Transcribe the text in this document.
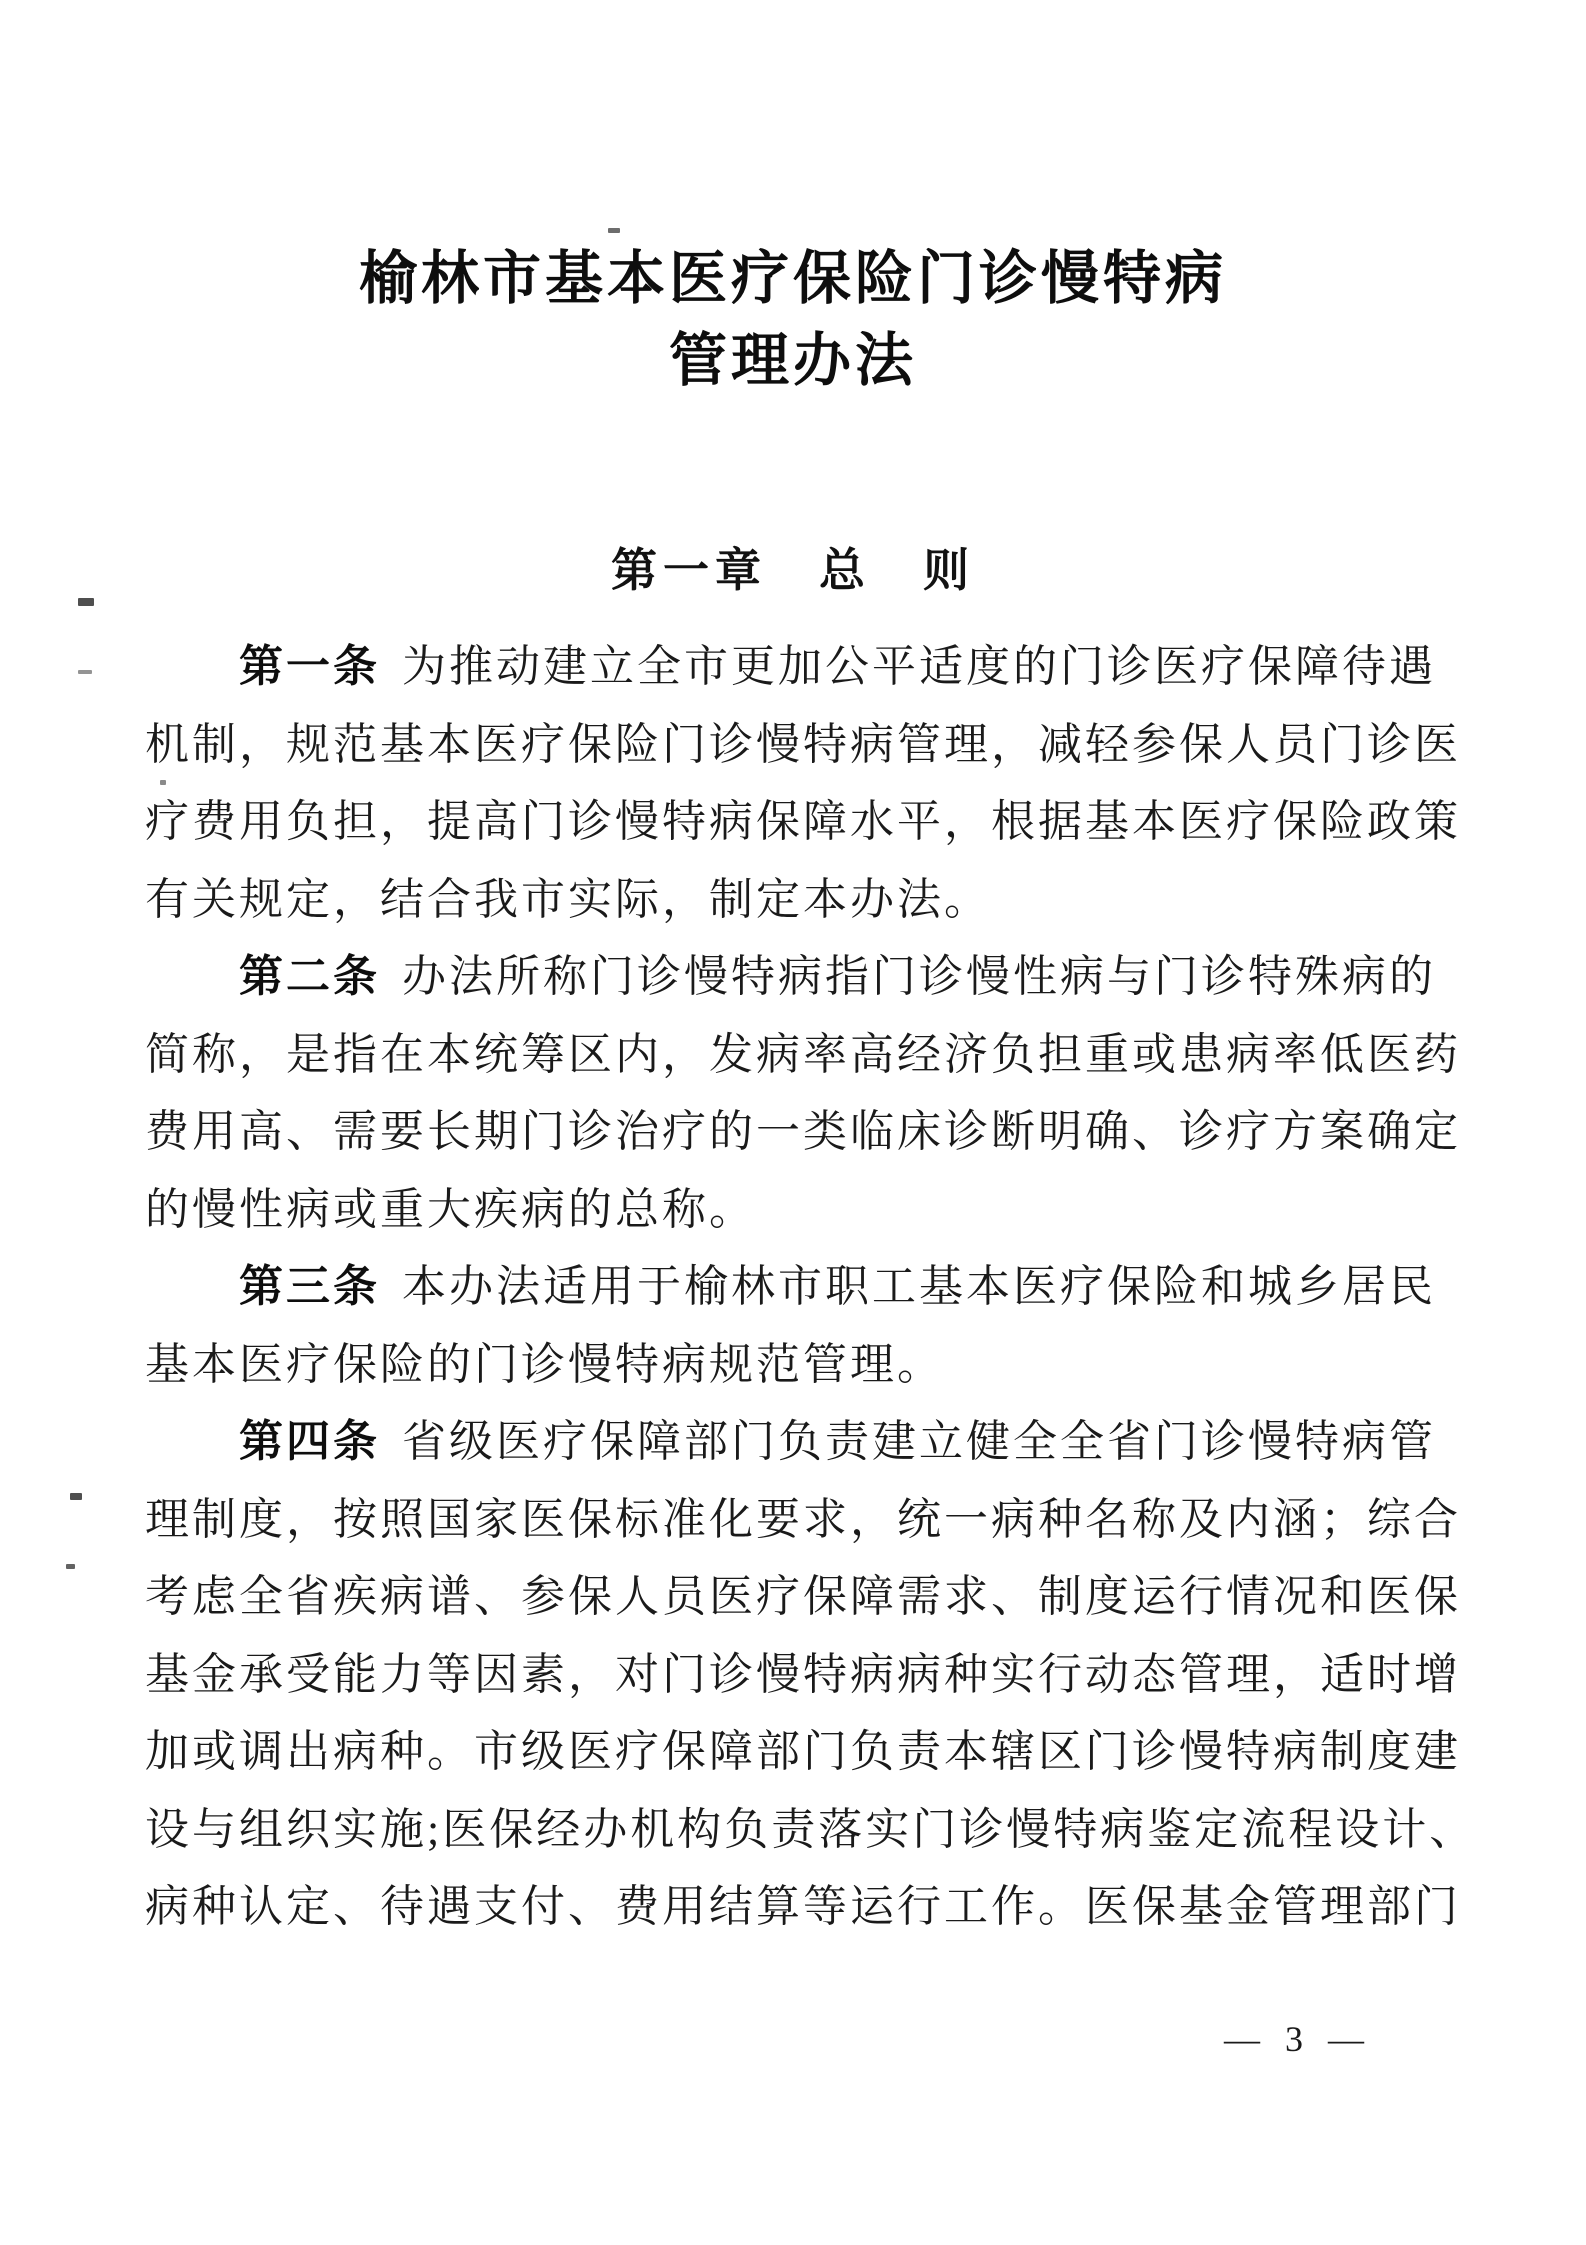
榆林市基本医疗保险门诊慢特病
管理办法
第一章　总　则
第一条 为推动建立全市更加公平适度的门诊医疗保障待遇
机制，规范基本医疗保险门诊慢特病管理，减轻参保人员门诊医
疗费用负担，提高门诊慢特病保障水平，根据基本医疗保险政策
有关规定，结合我市实际，制定本办法。
第二条 办法所称门诊慢特病指门诊慢性病与门诊特殊病的
简称，是指在本统筹区内，发病率高经济负担重或患病率低医药
费用高、需要长期门诊治疗的一类临床诊断明确、诊疗方案确定
的慢性病或重大疾病的总称。
第三条 本办法适用于榆林市职工基本医疗保险和城乡居民
基本医疗保险的门诊慢特病规范管理。
第四条 省级医疗保障部门负责建立健全全省门诊慢特病管
理制度，按照国家医保标准化要求，统一病种名称及内涵；综合
考虑全省疾病谱、参保人员医疗保障需求、制度运行情况和医保
基金承受能力等因素，对门诊慢特病病种实行动态管理，适时增
加或调出病种。市级医疗保障部门负责本辖区门诊慢特病制度建
设与组织实施;医保经办机构负责落实门诊慢特病鉴定流程设计、
病种认定、待遇支付、费用结算等运行工作。医保基金管理部门
— 3 —
